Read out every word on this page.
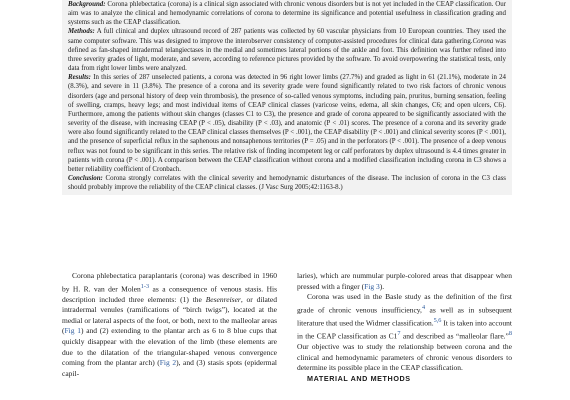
Background: Corona phlebectatica (corona) is a clinical sign associated with chronic venous disorders but is not yet included in the CEAP classification. Our aim was to analyze the clinical and hemodynamic correlations of corona to determine its significance and potential usefulness in classification grading and systems such as the CEAP classification.

Methods: A full clinical and duplex ultrasound record of 287 patients was collected by 60 vascular physicians from 10 European countries. They used the same computer software. This was designed to improve the interobserver consistency of computer-assisted procedures for clinical data gathering.Corona was defined as fan-shaped intradermal telangiectases in the medial and sometimes lateral portions of the ankle and foot. This definition was further refined into three severity grades of light, moderate, and severe, according to reference pictures provided by the software. To avoid overpowering the statistical tests, only data from right lower limbs were analyzed.

Results: In this series of 287 unselected patients, a corona was detected in 96 right lower limbs (27.7%) and graded as light in 61 (21.1%), moderate in 24 (8.3%), and severe in 11 (3.8%). The presence of a corona and its severity grade were found significantly related to two risk factors of chronic venous disorders (age and personal history of deep vein thrombosis), the presence of so-called venous symptoms, including pain, pruritus, burning sensation, feeling of swelling, cramps, heavy legs; and most individual items of CEAP clinical classes (varicose veins, edema, all skin changes, C6; and open ulcers, C6). Furthermore, among the patients without skin changes (classes C1 to C3), the presence and grade of corona appeared to be significantly associated with the severity of the disease, with increasing CEAP (P < .05), disability (P < .03), and anatomic (P < .01) scores. The presence of a corona and its severity grade were also found significantly related to the CEAP clinical classes themselves (P < .001), the CEAP disability (P < .001) and clinical severity scores (P < .001), and the presence of superficial reflux in the saphenous and nonsaphenous territories (P = .05) and in the perforators (P < .001). The presence of a deep venous reflux was not found to be significant in this series. The relative risk of finding incompetent leg or calf perforators by duplex ultrasound is 4.4 times greater in patients with corona (P < .001). A comparison between the CEAP classification without corona and a modified classification including corona in C3 shows a better reliability coefficient of Cronbach.

Conclusion: Corona strongly correlates with the clinical severity and hemodynamic disturbances of the disease. The inclusion of corona in the C3 class should probably improve the reliability of the CEAP clinical classes. (J Vasc Surg 2005;42:1163-8.)

Corona phlebectatica paraplantaris (corona) was described in 1960 by H. R. van der Molen$^{1-3}$ as a consequence of venous stasis. His description included three elements: (1) the Besenreiser, or dilated intradermal venules (ramifications of “birch twigs”), located at the medial or lateral aspects of the foot, or both, next to the malleolar areas (Fig 1) and (2) extending to the plantar arch as 6 to 8 blue cups that quickly disappear with the elevation of the limb (these elements are due to the dilatation of the triangular-shaped venous convergence coming from the plantar arch) (Fig 2), and (3) stasis spots (epidermal capil-

laries), which are nummular purple-colored areas that disappear when pressed with a finger (Fig 3).

Corona was used in the Basle study as the definition of the first grade of chronic venous insufficiency,$^4$ as well as in subsequent literature that used the Widmer classification.$^{5,6}$ It is taken into account in the CEAP classification as $C1^7$ and described as “malleolar flare.”$^8$ Our objective was to study the relationship between corona and the clinical and hemodynamic parameters of chronic venous disorders to determine its possible place in the CEAP classification.

MATERIAL AND METHODS
